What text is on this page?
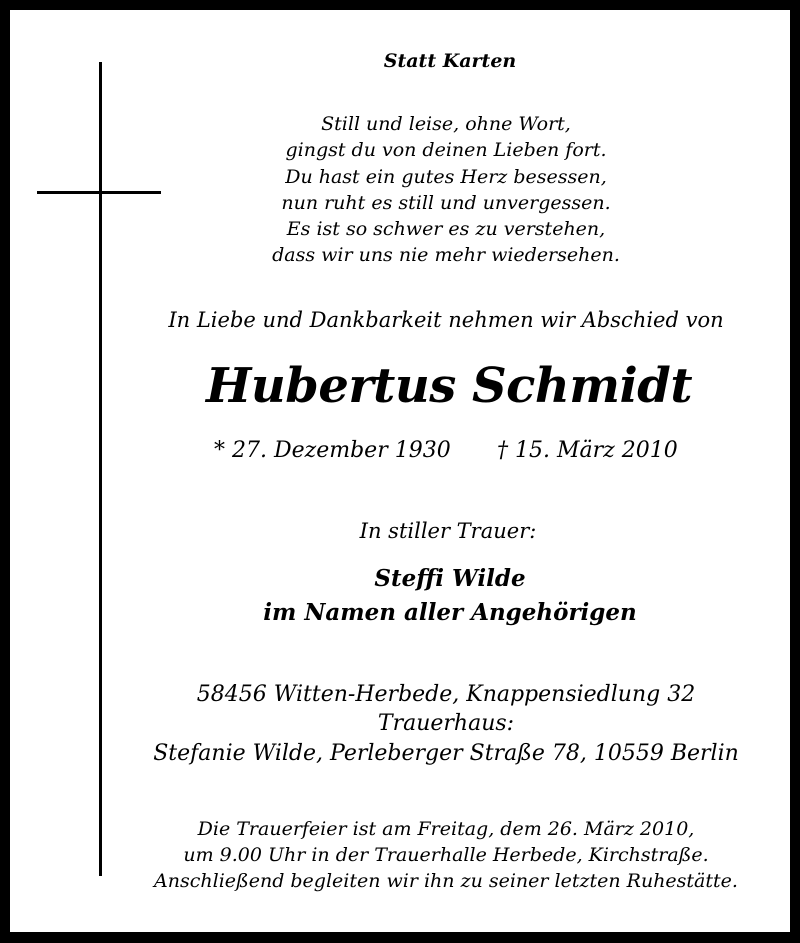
Statt Karten
Still und leise, ohne Wort,
gingst du von deinen Lieben fort.
Du hast ein gutes Herz besessen,
nun ruht es still und unvergessen.
Es ist so schwer es zu verstehen,
dass wir uns nie mehr wiedersehen.
In Liebe und Dankbarkeit nehmen wir Abschied von
Hubertus Schmidt
* 27. Dezember 1930 † 15. März 2010
In stiller Trauer:
Steffi Wilde
im Namen aller Angehörigen
58456 Witten-Herbede, Knappensiedlung 32
Trauerhaus:
Stefanie Wilde, Perleberger Straße 78, 10559 Berlin
Die Trauerfeier ist am Freitag, dem 26. März 2010,
um 9.00 Uhr in der Trauerhalle Herbede, Kirchstraße.
Anschließend begleiten wir ihn zu seiner letzten Ruhestätte.
